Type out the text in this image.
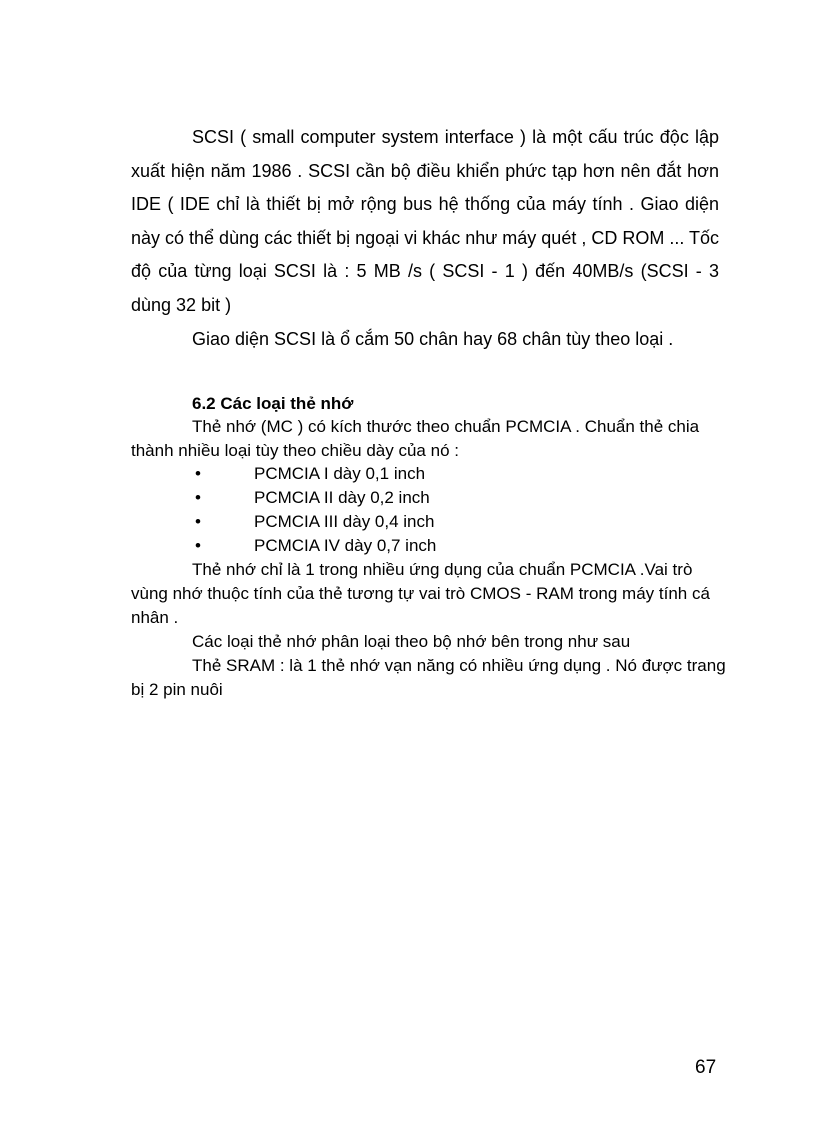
SCSI ( small computer system interface ) là một cấu trúc độc lập xuất hiện năm 1986 . SCSI cần bộ điều khiển phức tạp hơn nên đắt hơn IDE ( IDE chỉ là thiết bị mở rộng bus hệ thống của máy tính . Giao diện này có thể dùng các thiết bị ngoại vi khác như máy quét , CD ROM ... Tốc độ của từng loại SCSI là : 5 MB /s ( SCSI - 1 ) đến 40MB/s (SCSI - 3 dùng 32 bit )

Giao diện SCSI là ổ cắm 50 chân hay 68 chân tùy theo loại .

6.2 Các loại thẻ nhớ

Thẻ nhớ (MC ) có kích thước theo chuẩn PCMCIA . Chuẩn thẻ chia thành nhiều loại tùy theo chiều dày của nó :

•	PCMCIA I dày 0,1 inch
•	PCMCIA II dày 0,2 inch
•	PCMCIA III dày 0,4 inch
•	PCMCIA IV dày 0,7 inch

Thẻ nhớ chỉ là 1 trong nhiều ứng dụng của chuẩn PCMCIA .Vai trò vùng nhớ thuộc tính của thẻ tương tự vai trò CMOS - RAM trong máy tính cá nhân .

Các loại thẻ nhớ phân loại theo bộ nhớ bên trong như sau

Thẻ SRAM : là 1 thẻ nhớ vạn năng có nhiều ứng dụng . Nó được trang bị 2 pin nuôi

67
